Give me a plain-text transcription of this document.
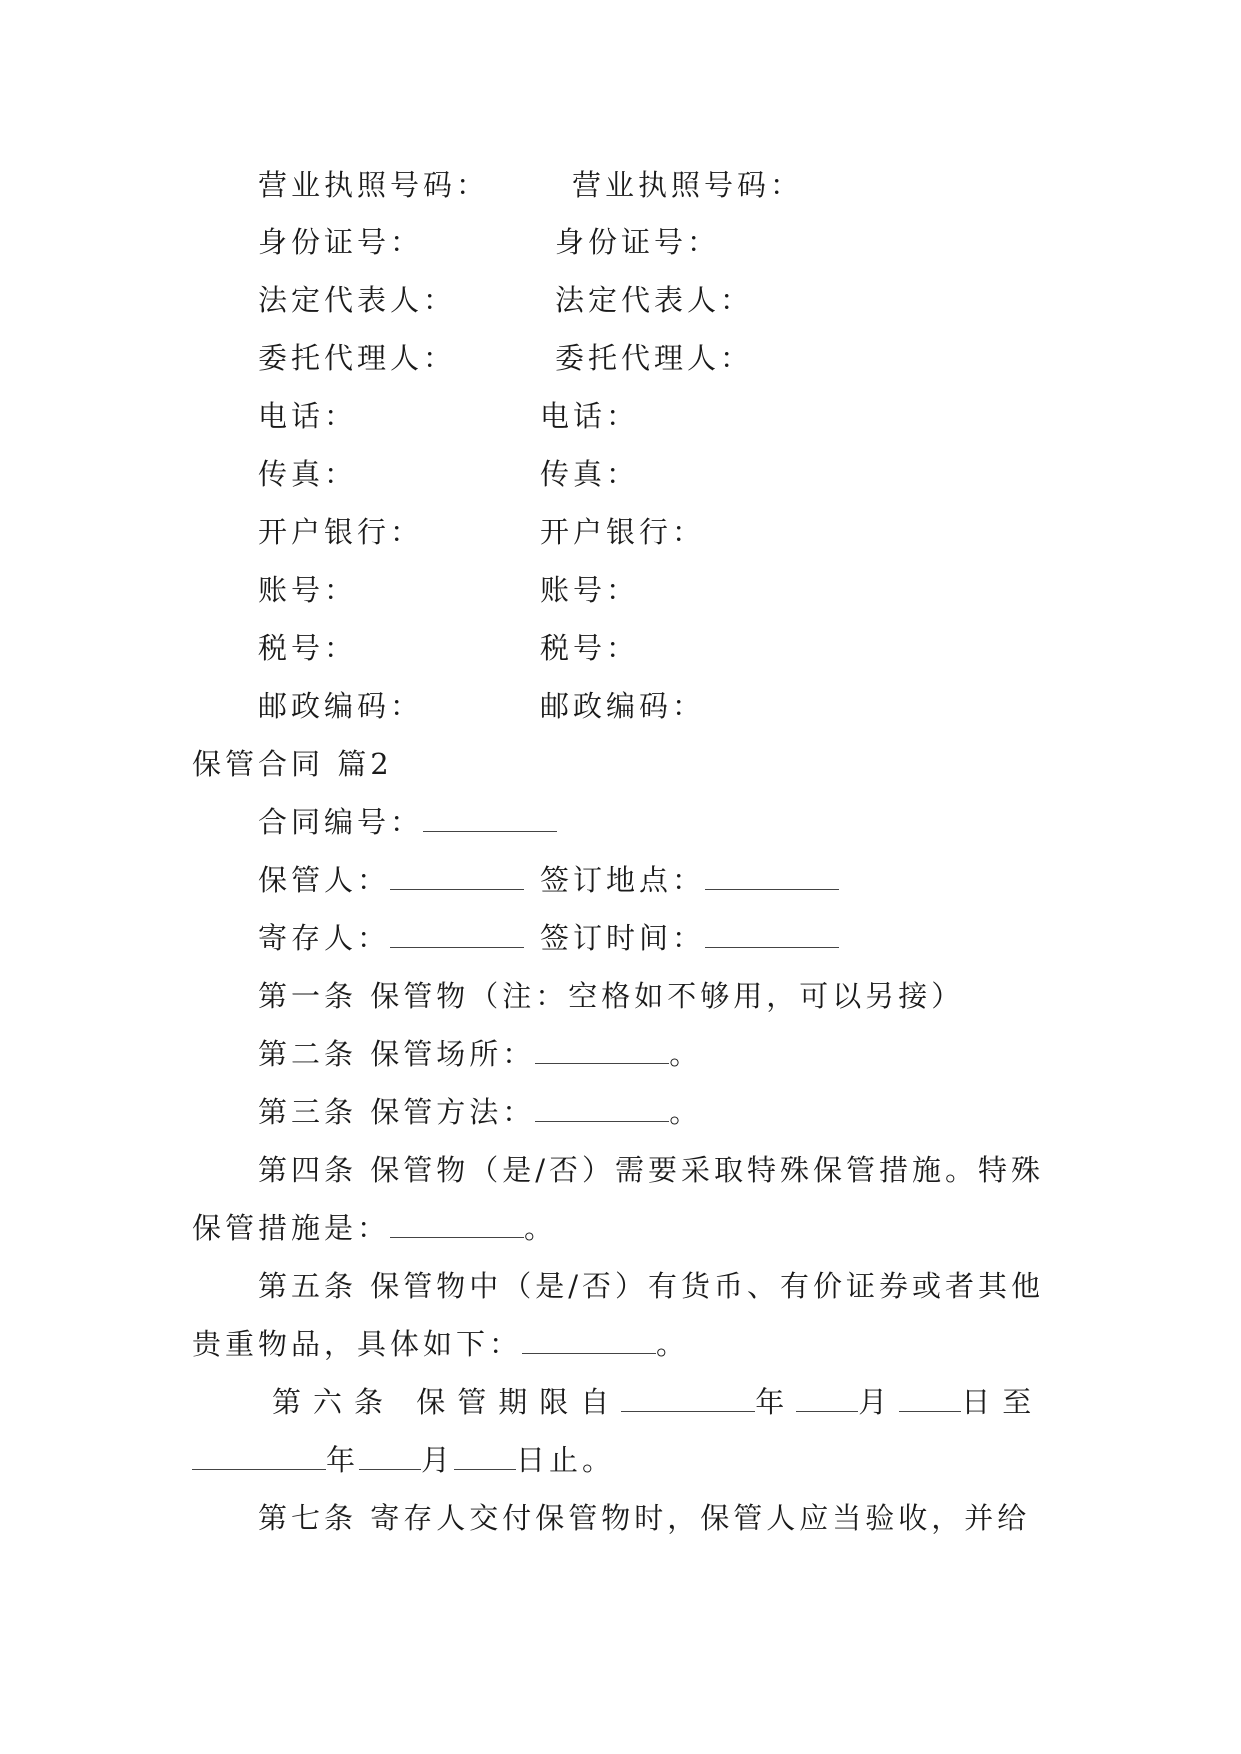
营业执照号码：	营业执照号码：
身份证号：	身份证号：
法定代表人：	法定代表人：
委托代理人：	委托代理人：
电话：	电话：
传真：	传真：
开户银行：	开户银行：
账号：	账号：
税号：	税号：
邮政编码：	邮政编码：
保管合同 篇2
合同编号：
保管人：	签订地点：
寄存人：	签订时间：
第一条 保管物（注：空格如不够用，可以另接）
第二条 保管场所：	。
第三条 保管方法：	。
第四条 保管物（是/否）需要采取特殊保管措施。特殊
保管措施是：	。
第五条 保管物中（是/否）有货币、有价证券或者其他
贵重物品，具体如下：	。
第六条 保管期限自	年 月 日至
年 月 日止。
第七条 寄存人交付保管物时，保管人应当验收，并给
